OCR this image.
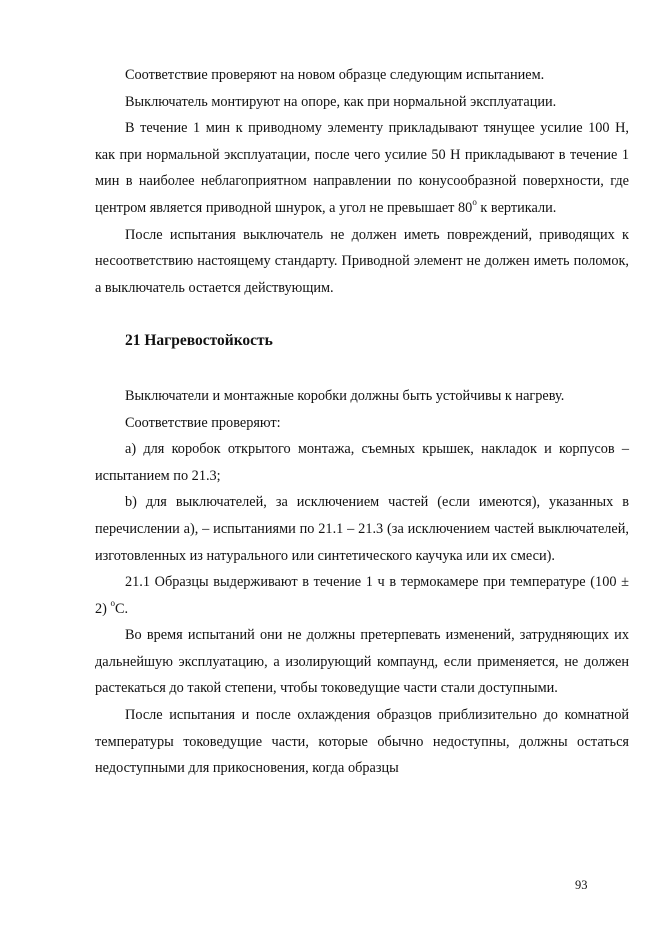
Соответствие проверяют на новом образце следующим испытанием.

Выключатель монтируют на опоре, как при нормальной эксплуатации.

В течение 1 мин к приводному элементу прикладывают тянущее усилие 100 Н, как при нормальной эксплуатации, после чего усилие 50 Н прикладывают в течение 1 мин в наиболее неблагоприятном направлении по конусообразной поверхности, где центром является приводной шнурок, а угол не превышает $80^о$ к вертикали.

После испытания выключатель не должен иметь повреждений, приводящих к несоответствию настоящему стандарту. Приводной элемент не должен иметь поломок, а выключатель остается действующим.

21 Нагревостойкость

Выключатели и монтажные коробки должны быть устойчивы к нагреву.

Соответствие проверяют:

а) для коробок открытого монтажа, съемных крышек, накладок и корпусов – испытанием по 21.3;

b) для выключателей, за исключением частей (если имеются), указанных в перечислении а), – испытаниями по 21.1 – 21.3 (за исключением частей выключателей, изготовленных из натурального или синтетического каучука или их смеси).

21.1 Образцы выдерживают в течение 1 ч в термокамере при температуре (100 ± 2) $^о$С.

Во время испытаний они не должны претерпевать изменений, затрудняющих их дальнейшую эксплуатацию, а изолирующий компаунд, если применяется, не должен растекаться до такой степени, чтобы токоведущие части стали доступными.

После испытания и после охлаждения образцов приблизительно до комнатной температуры токоведущие части, которые обычно недоступны, должны остаться недоступными для прикосновения, когда образцы

93
